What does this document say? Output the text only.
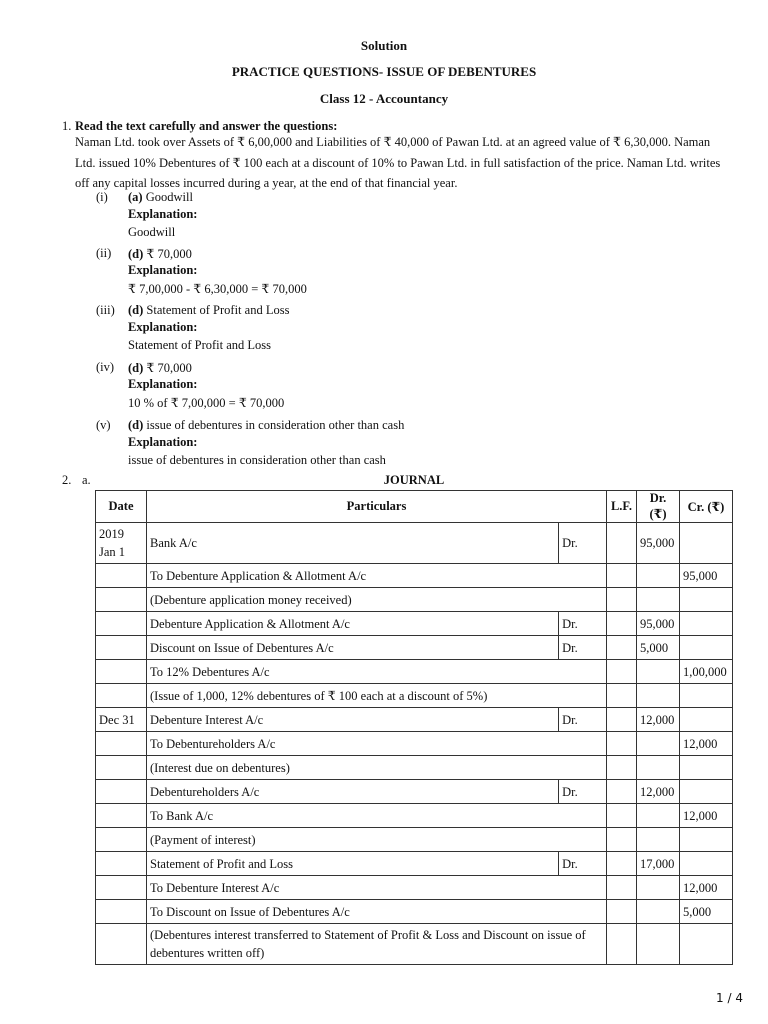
Solution
PRACTICE QUESTIONS- ISSUE OF DEBENTURES
Class 12 - Accountancy
1. Read the text carefully and answer the questions:
Naman Ltd. took over Assets of ₹ 6,00,000 and Liabilities of ₹ 40,000 of Pawan Ltd. at an agreed value of ₹ 6,30,000. Naman Ltd. issued 10% Debentures of ₹ 100 each at a discount of 10% to Pawan Ltd. in full satisfaction of the price. Naman Ltd. writes off any capital losses incurred during a year, at the end of that financial year.
(i) (a) Goodwill
Explanation:
Goodwill
(ii) (d) ₹ 70,000
Explanation:
₹ 7,00,000 - ₹ 6,30,000 = ₹ 70,000
(iii) (d) Statement of Profit and Loss
Explanation:
Statement of Profit and Loss
(iv) (d) ₹ 70,000
Explanation:
10 % of ₹ 7,00,000 = ₹ 70,000
(v) (d) issue of debentures in consideration other than cash
Explanation:
issue of debentures in consideration other than cash
2. a.	JOURNAL
Date	Particulars		L.F.	Dr. (₹)	Cr. (₹)
2019
Jan 1	Bank A/c	Dr.		95,000	
	To Debenture Application & Allotment A/c				95,000
	(Debenture application money received)				
	Debenture Application & Allotment A/c	Dr.		95,000	
	Discount on Issue of Debentures A/c	Dr.		5,000	
	To 12% Debentures A/c				1,00,000
	(Issue of 1,000, 12% debentures of ₹ 100 each at a discount of 5%)				
Dec 31	Debenture Interest A/c	Dr.		12,000	
	To Debentureholders A/c				12,000
	(Interest due on debentures)				
	Debentureholders A/c	Dr.		12,000	
	To Bank A/c				12,000
	(Payment of interest)				
	Statement of Profit and Loss	Dr.		17,000	
	To Debenture Interest A/c				12,000
	To Discount on Issue of Debentures A/c				5,000
	(Debentures interest transferred to Statement of Profit & Loss and Discount on issue of debentures written off)				
1 / 4
